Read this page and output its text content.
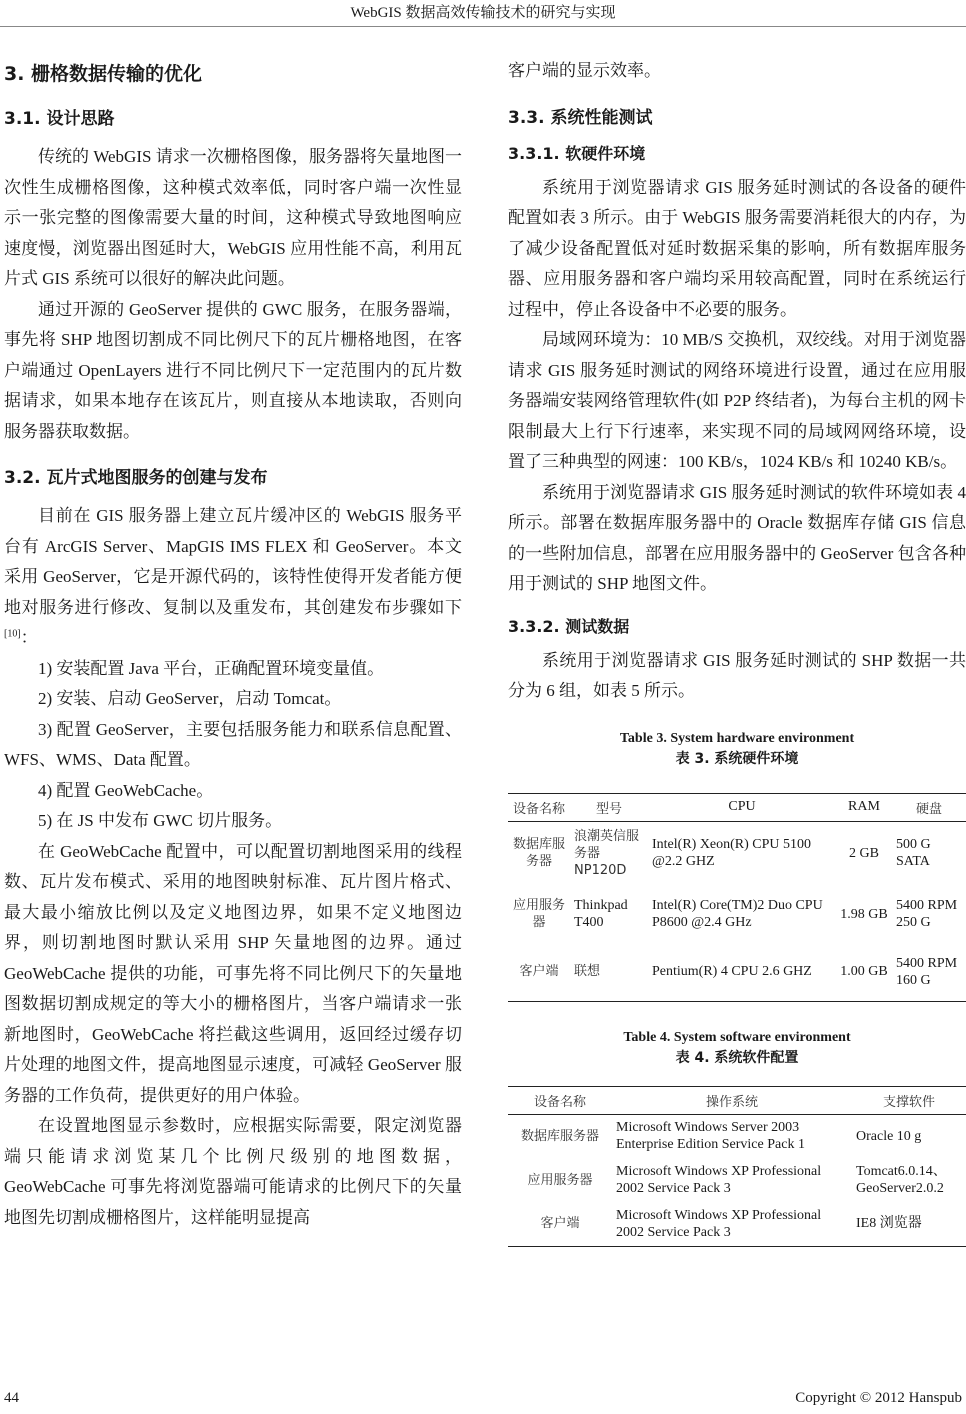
WebGIS 数据高效传输技术的研究与实现
3. 栅格数据传输的优化
3.1. 设计思路

传统的 WebGIS 请求一次栅格图像，服务器将矢量地图一次性生成栅格图像，这种模式效率低，同时客户端一次性显示一张完整的图像需要大量的时间，这种模式导致地图响应速度慢，浏览器出图延时大，WebGIS 应用性能不高，利用瓦片式 GIS 系统可以很好的解决此问题。

通过开源的 GeoServer 提供的 GWC 服务，在服务器端，事先将 SHP 地图切割成不同比例尺下的瓦片栅格地图，在客户端通过 OpenLayers 进行不同比例尺下一定范围内的瓦片数据请求，如果本地存在该瓦片，则直接从本地读取，否则向服务器获取数据。

3.2. 瓦片式地图服务的创建与发布

目前在 GIS 服务器上建立瓦片缓冲区的 WebGIS 服务平台有 ArcGIS Server、MapGIS IMS FLEX 和 GeoServer。本文采用 GeoServer，它是开源代码的，该特性使得开发者能方便地对服务进行修改、复制以及重发布，其创建发布步骤如下[10]：

1) 安装配置 Java 平台，正确配置环境变量值。

2) 安装、启动 GeoServer，启动 Tomcat。

3) 配置 GeoServer，主要包括服务能力和联系信息配置、WFS、WMS、Data 配置。

4) 配置 GeoWebCache。

5) 在 JS 中发布 GWC 切片服务。

在 GeoWebCache 配置中，可以配置切割地图采用的线程数、瓦片发布模式、采用的地图映射标准、瓦片图片格式、最大最小缩放比例以及定义地图边界，如果不定义地图边界，则切割地图时默认采用 SHP 矢量地图的边界。通过 GeoWebCache 提供的功能，可事先将不同比例尺下的矢量地图数据切割成规定的等大小的栅格图片，当客户端请求一张新地图时，GeoWebCache 将拦截这些调用，返回经过缓存切片处理的地图文件，提高地图显示速度，可减轻 GeoServer 服务器的工作负荷，提供更好的用户体验。

在设置地图显示参数时，应根据实际需要，限定浏览器端只能请求浏览某几个比例尺级别的地图数据，GeoWebCache 可事先将浏览器端可能请求的比例尺下的矢量地图先切割成栅格图片，这样能明显提高

客户端的显示效率。

3.3. 系统性能测试
3.3.1. 软硬件环境

系统用于浏览器请求 GIS 服务延时测试的各设备的硬件配置如表 3 所示。由于 WebGIS 服务需要消耗很大的内存，为了减少设备配置低对延时数据采集的影响，所有数据库服务器、应用服务器和客户端均采用较高配置，同时在系统运行过程中，停止各设备中不必要的服务。

局域网环境为：10 MB/S 交换机，双绞线。对用于浏览器请求 GIS 服务延时测试的网络环境进行设置，通过在应用服务器端安装网络管理软件(如 P2P 终结者)，为每台主机的网卡限制最大上行下行速率，来实现不同的局域网网络环境，设置了三种典型的网速：100 KB/s，1024 KB/s 和 10240 KB/s。

系统用于浏览器请求 GIS 服务延时测试的软件环境如表 4 所示。部署在数据库服务器中的 Oracle 数据库存储 GIS 信息的一些附加信息，部署在应用服务器中的 GeoServer 包含各种用于测试的 SHP 地图文件。

3.3.2. 测试数据

系统用于浏览器请求 GIS 服务延时测试的 SHP 数据一共分为 6 组，如表 5 所示。

Table 3. System hardware environment
表 3. 系统硬件环境
设备名称	型号	CPU	RAM	硬盘
数据库服务器	浪潮英信服务器NP120D	Intel(R) Xeon(R) CPU 5100 @2.2 GHZ	2 GB	500 G SATA
应用服务器	Thinkpad T400	Intel(R) Core(TM)2 Duo CPU P8600 @2.4 GHz	1.98 GB	5400 RPM 250 G
客户端	联想	Pentium(R) 4 CPU 2.6 GHZ	1.00 GB	5400 RPM 160 G
Table 4. System software environment
表 4. 系统软件配置
设备名称	操作系统	支撑软件
数据库服务器	Microsoft Windows Server 2003 Enterprise Edition Service Pack 1	Oracle 10 g
应用服务器	Microsoft Windows XP Professional 2002 Service Pack 3	Tomcat6.0.14、GeoServer2.0.2
客户端	Microsoft Windows XP Professional 2002 Service Pack 3	IE8 浏览器
44	Copyright © 2012 Hanspub
